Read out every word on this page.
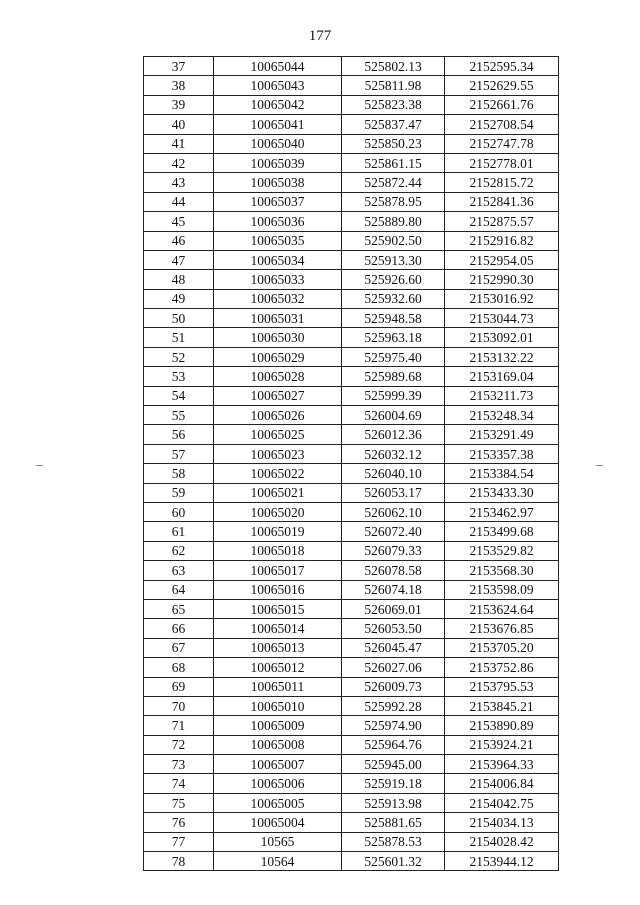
177
37	10065044	525802.13	2152595.34
38	10065043	525811.98	2152629.55
39	10065042	525823.38	2152661.76
40	10065041	525837.47	2152708.54
41	10065040	525850.23	2152747.78
42	10065039	525861.15	2152778.01
43	10065038	525872.44	2152815.72
44	10065037	525878.95	2152841.36
45	10065036	525889.80	2152875.57
46	10065035	525902.50	2152916.82
47	10065034	525913.30	2152954.05
48	10065033	525926.60	2152990.30
49	10065032	525932.60	2153016.92
50	10065031	525948.58	2153044.73
51	10065030	525963.18	2153092.01
52	10065029	525975.40	2153132.22
53	10065028	525989.68	2153169.04
54	10065027	525999.39	2153211.73
55	10065026	526004.69	2153248.34
56	10065025	526012.36	2153291.49
57	10065023	526032.12	2153357.38
58	10065022	526040.10	2153384.54
59	10065021	526053.17	2153433.30
60	10065020	526062.10	2153462.97
61	10065019	526072.40	2153499.68
62	10065018	526079.33	2153529.82
63	10065017	526078.58	2153568.30
64	10065016	526074.18	2153598.09
65	10065015	526069.01	2153624.64
66	10065014	526053.50	2153676.85
67	10065013	526045.47	2153705.20
68	10065012	526027.06	2153752.86
69	10065011	526009.73	2153795.53
70	10065010	525992.28	2153845.21
71	10065009	525974.90	2153890.89
72	10065008	525964.76	2153924.21
73	10065007	525945.00	2153964.33
74	10065006	525919.18	2154006.84
75	10065005	525913.98	2154042.75
76	10065004	525881.65	2154034.13
77	10565	525878.53	2154028.42
78	10564	525601.32	2153944.12
